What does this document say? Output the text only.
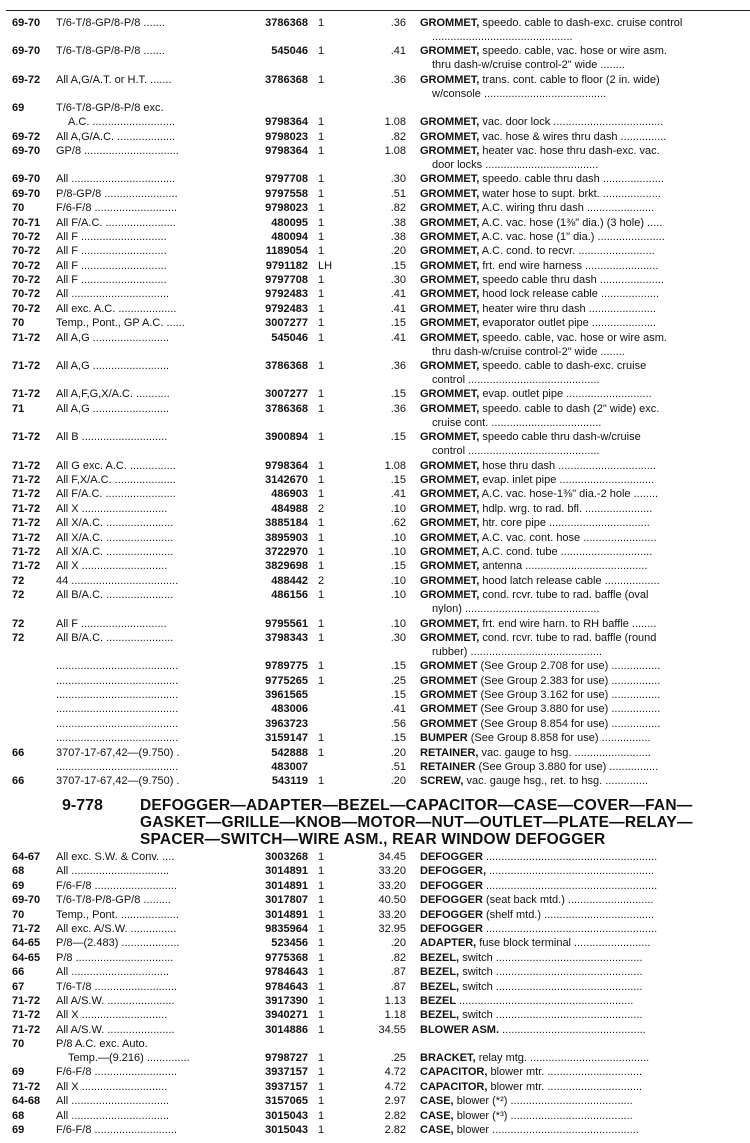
69-70	T/6-T/8-GP/8-P/8 .......	3786368 1	.36 GROMMET, speedo. cable to dash-exc. cruise control
..............................................
69-70	T/6-T/8-GP/8-P/8 .......	545046 1	.41 GROMMET, speedo. cable, vac. hose or wire asm.
thru dash-w/cruise control-2" wide ........
69-72	All A,G/A.T. or H.T. .......	3786368 1	.36 GROMMET, trans. cont. cable to floor (2 in. wide)
w/console ........................................
69	T/6-T/8-GP/8-P/8 exc.
A.C. ...........................	9798364 1	1.08 GROMMET, vac. door lock ....................................
69-72	All A,G/A.C. ...................	9798023 1	.82 GROMMET, vac. hose & wires thru dash ...............
69-70	GP/8 ...............................	9798364 1	1.08 GROMMET, heater vac. hose thru dash-exc. vac.
door locks .....................................
69-70	All ..................................	9797708 1	.30 GROMMET, speedo. cable thru dash ....................
69-70	P/8-GP/8 ........................	9797558 1	.51 GROMMET, water hose to supt. brkt. ...................
70	F/6-F/8 ...........................	9798023 1	.82 GROMMET, A.C. wiring thru dash ......................
70-71	All F/A.C. .......................	480095 1	.38 GROMMET, A.C. vac. hose (1⅜" dia.) (3 hole) .....
70-72	All F ............................	480094 1	.38 GROMMET, A.C. vac. hose (1" dia.) ......................
70-72	All F ............................	1189054 1	.20 GROMMET, A.C. cond. to recvr. .........................
70-72	All F ............................	9791182 LH	.15 GROMMET, frt. end wire harness ........................
70-72	All F ............................	9797708 1	.30 GROMMET, speedo cable thru dash .....................
70-72	All ................................	9792483 1	.41 GROMMET, hood lock release cable ...................
70-72	All exc. A.C. ...................	9792483 1	.41 GROMMET, heater wire thru dash ......................
70	Temp., Pont., GP A.C. ......	3007277 1	.15 GROMMET, evaporator outlet pipe .....................
71-72	All A,G .........................	545046 1	.41 GROMMET, speedo. cable, vac. hose or wire asm.
thru dash-w/cruise control-2" wide ........
71-72	All A,G .........................	3786368 1	.36 GROMMET, speedo. cable to dash-exc. cruise
control ...........................................
71-72	All A,F,G,X/A.C. ...........	3007277 1	.15 GROMMET, evap. outlet pipe ............................
71	All A,G .........................	3786368 1	.36 GROMMET, speedo. cable to dash (2" wide) exc.
cruise cont. ....................................
71-72	All B ............................	3900894 1	.15 GROMMET, speedo cable thru dash-w/cruise
control ...........................................
71-72	All G exc. A.C. ...............	9798364 1	1.08 GROMMET, hose thru dash ................................
71-72	All F,X/A.C. ....................	3142670 1	.15 GROMMET, evap. inlet pipe ...............................
71-72	All F/A.C. .......................	486903 1	.41 GROMMET, A.C. vac. hose-1⅜" dia.-2 hole ........
71-72	All X ............................	484988 2	.10 GROMMET, hdlp. wrg. to rad. bfl. ......................
71-72	All X/A.C. ......................	3885184 1	.62 GROMMET, htr. core pipe .................................
71-72	All X/A.C. ......................	3895903 1	.10 GROMMET, A.C. vac. cont. hose ........................
71-72	All X/A.C. ......................	3722970 1	.10 GROMMET, A.C. cond. tube ..............................
71-72	All X ............................	3829698 1	.15 GROMMET, antenna ........................................
72	44 ...................................	488442 2	.10 GROMMET, hood latch release cable ..................
72	All B/A.C. ......................	486156 1	.10 GROMMET, cond. rcvr. tube to rad. baffle (oval
nylon) ............................................
72	All F ............................	9795561 1	.10 GROMMET, frt. end wire harn. to RH baffle ........
72	All B/A.C. ......................	3798343 1	.30 GROMMET, cond. rcvr. tube to rad. baffle (round
rubber) ...........................................
........................................	9789775 1	.15 GROMMET (See Group 2.708 for use) ................
........................................	9775265 1	.25 GROMMET (See Group 2.383 for use) ................
........................................	3961565	.15 GROMMET (See Group 3.162 for use) ................
........................................	483006	.41 GROMMET (See Group 3.880 for use) ................
........................................	3963723	.56 GROMMET (See Group 8.854 for use) ................
........................................	3159147 1	.15 BUMPER (See Group 8.858 for use) ................
66	3707-17-67,42—(9.750) .	542888 1	.20 RETAINER, vac. gauge to hsg. .........................
........................................	483007	.51 RETAINER (See Group 3.880 for use) ................
66	3707-17-67,42—(9.750) .	543119 1	.20 SCREW, vac. gauge hsg., ret. to hsg. ..............
9-778 DEFOGGER—ADAPTER—BEZEL—CAPACITOR—CASE—COVER—FAN—
GASKET—GRILLE—KNOB—MOTOR—NUT—OUTLET—PLATE—RELAY—
SPACER—SWITCH—WIRE ASM., REAR WINDOW DEFOGGER
64-67	All exc. S.W. & Conv. ....	3003268 1	34.45 DEFOGGER ........................................................
68	All ................................	3014891 1	33.20 DEFOGGER, ......................................................
69	F/6-F/8 ...........................	3014891 1	33.20 DEFOGGER ........................................................
69-70	T/6-T/8-P/8-GP/8 .........	3017807 1	40.50 DEFOGGER (seat back mtd.) ............................
70	Temp., Pont. ...................	3014891 1	33.20 DEFOGGER (shelf mtd.) ....................................
71-72	All exc. A/S.W. ...............	9835964 1	32.95 DEFOGGER ........................................................
64-65	P/8—(2.483) ...................	523456 1	.20 ADAPTER, fuse block terminal .........................
64-65	P/8 ................................	9775368 1	.82 BEZEL, switch ................................................
66	All ................................	9784643 1	.87 BEZEL, switch ................................................
67	T/6-T/8 ...........................	9784643 1	.87 BEZEL, switch ................................................
71-72	All A/S.W. ......................	3917390 1	1.13 BEZEL .........................................................
71-72	All X ............................	3940271 1	1.18 BEZEL, switch ................................................
71-72	All A/S.W. ......................	3014886 1	34.55 BLOWER ASM. ...............................................
70	P/8 A.C. exc. Auto.
Temp.—(9.216) ..............	9798727 1	.25 BRACKET, relay mtg. .......................................
69	F/6-F/8 ...........................	3937157 1	4.72 CAPACITOR, blower mtr. ...............................
71-72	All X ............................	3937157 1	4.72 CAPACITOR, blower mtr. ...............................
64-68	All ................................	3157065 1	2.97 CASE, blower (*²) ........................................
68	All ................................	3015043 1	2.82 CASE, blower (*³) ........................................
69	F/6-F/8 ...........................	3015043 1	2.82 CASE, blower ................................................
